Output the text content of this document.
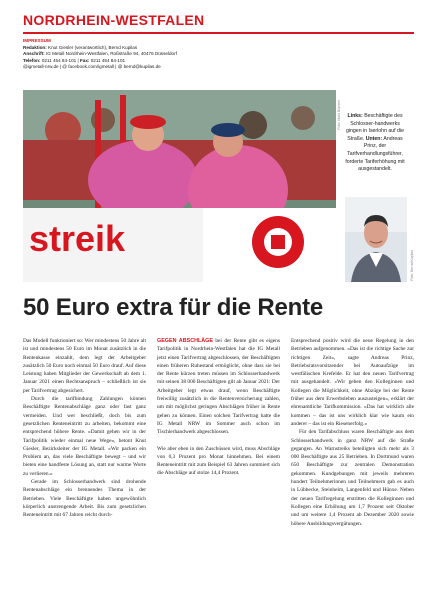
NORDRHEIN-WESTFALEN
IMPRESSUM
Redaktion: Knut Giesler (verantwortlich), Bernd Kupilas
Anschrift: IG Metall Nordrhein-Westfalen, Roßstraße 94, 40476 Düsseldorf
Telefon: 0211 454 84-101 | Fax: 0211 454 84-101
@igmetall-nrw.de | @ facebook.com/igmetall | @ bernd@kupilas.de
streik
Foto: Mark Bücherl	Links: Beschäftigte des Schlosser-handwerks gingen in Iserlohn auf die Straße. Unten: Andreas Prinz, der Tarifverhandlungsführer, forderte Tariferhöhung mit ausgestandelt.
Foto: Bernd Kupilas
50 Euro extra für die Rente

Das Modell funktioniert so: Wer mindestens 50 Jahre alt ist und mindestens 50 Euro im Monat zusätzlich in die Rentenkasse einzahlt, dem legt der Arbeitgeber zusätzlich 50 Euro noch einmal 50 Euro drauf. Auf diese Leistung haben Mitglieder der Gewerkschaft ab dem 1. Januar 2021 einen Rechtsanspruch – schließlich ist sie per Tarifvertrag abgesichert.

Durch die tarifbindung Zahlungen können Beschäftigte Rentenabschläge ganz oder fast ganz vermeiden. Und wer beschließt, doch bis zum gesetzlichen Renteneintritt zu arbeiten, bekommt eine entsprechend höhere Rente. »Damit gehen wir in der Tarifpolitik wieder einmal neue Wege«, betont Knut Giesler, Bezirksleiter der IG Metall. »Wir packen ein Problem an, das viele Beschäftigte bewegt – und wir bieten eine handfeste Lösung an, statt nur warme Worte zu verlieren.«

Gerade im Schlosserhandwerk sind drohende Rentenabschläge ein brennendes Thema in der Betrieben. Viele Beschäftigte haben ungewöhnlich körperlich anstrengende Arbeit. Bis zum gesetzlichen Renteneintritt mit 67 Jahren reicht durch-

GEGEN ABSCHLÄGE bei der Rente gibt es eigens Tarifpolitik in Nordrhein-Westfalen hat die IG Metall jetzt einen Tarifvertrag abgeschlossen, der Beschäftigten einen früheren Ruhestand ermöglicht, ohne dass sie bei der Rente kürzen treten müssen im Schlosserhandwerk mit seinen 38 000 Beschäftigten gilt ab Januar 2021: Der Arbeitgeber legt etwas drauf, wenn Beschäftigte freiwillig zusätzlich in die Rentenversicherung zahlen, um mit möglichst geringen Abschlägen früher in Rente gehen zu können. Einen solchen Tarifvertrag hatte die IG Metall NRW im Sommer auch schon im Tischlerhandwerk abgeschlossen.

Wie aber eben in den Zuschüssen wird, muss Abschläge von 0,3 Prozent pro Monat hinnehmen. Bei einem Renteneintritt mit zum Beispiel 63 Jahren summiert sich die Abschläge auf stolze 14,4 Prozent.

Entsprechend positiv wird die neue Regelung in den Betrieben aufgenommen. »Das ist die richtige Sache zur richtigen Zeit«, sagte Andreas Prinz, Betriebsratsvorsitzender bei Autoaufzüge im westfälischen Krefelde. Er hat den neuen Tarifvertrag mit ausgehandelt. »Wir geben den Kolleginnen und Kollegen die Möglichkeit, ohne Abzüge bei der Rente früher aus dem Erwerbsleben auszusteigen«, erklärt der ehrenamtliche Tarifkommission. »Das hat wirklich alle kommen – das ist uns wirklich klar wie kaum ein anderer – das ist ein Riesenerfolg.«

Für den Tarifabschluss waren Beschäftigte aus dem Schlosserhandwerk in ganz NRW auf die Straße gegangen. An Warnstreiks beteiligten sich mehr als 3 000 Beschäftigte aus 25 Betrieben. In Dortmund waren 650 Beschäftigte zur zentralen Demonstration gekommen. Kundgebungen mit jeweils mehreren hundert Teilnehmerinnen und Teilnehmern gab es auch in Lübbecke, Steinheim, Langenfeld und Hünxe. Neben der neuen Tarifregelung erstritten die Kolleginnen und Kollegen eine Erhöhung um 1,7 Prozent seit Oktober und um weitere 1,4 Prozent ab Dezember 2020 sowie höhere Ausbildungsvergütungen.
